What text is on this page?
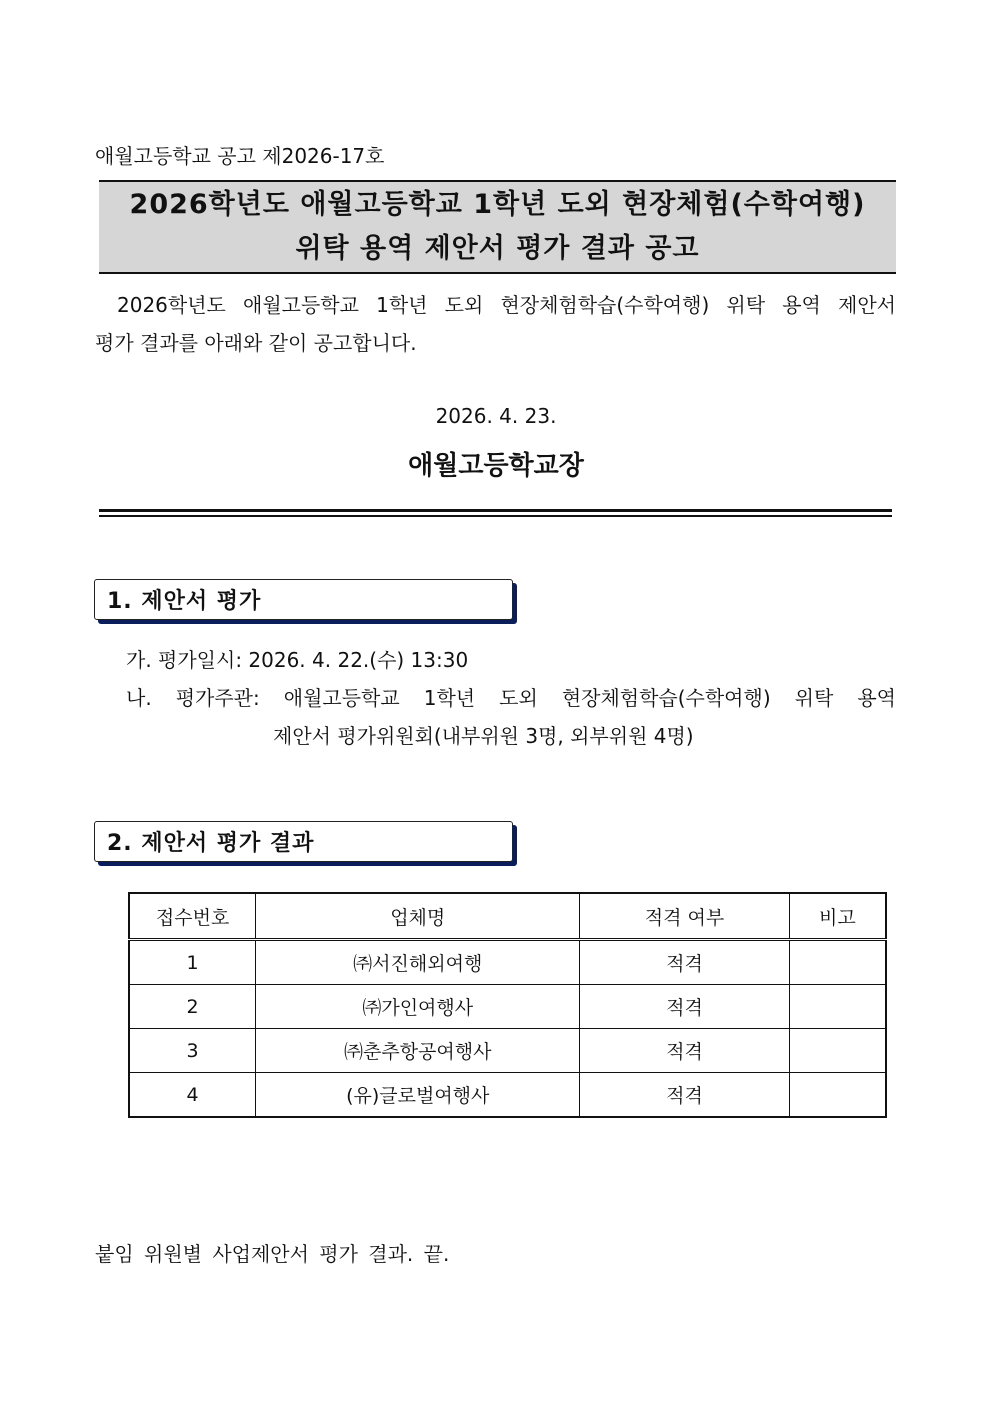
애월고등학교 공고 제2026-17호
2026학년도 애월고등학교 1학년 도외 현장체험(수학여행)
위탁 용역 제안서 평가 결과 공고
2026학년도 애월고등학교 1학년 도외 현장체험학습(수학여행) 위탁 용역 제안서
평가 결과를 아래와 같이 공고합니다.
2026. 4. 23.
애월고등학교장
1. 제안서 평가
가. 평가일시: 2026. 4. 22.(수) 13:30
나. 평가주관: 애월고등학교 1학년 도외 현장체험학습(수학여행) 위탁 용역
제안서 평가위원회(내부위원 3명, 외부위원 4명)
2. 제안서 평가 결과
접수번호	업체명	적격 여부	비고
1	㈜서진해외여행	적격	
2	㈜가인여행사	적격	
3	㈜춘추항공여행사	적격	
4	(유)글로벌여행사	적격	
붙임 위원별 사업제안서 평가 결과. 끝.
